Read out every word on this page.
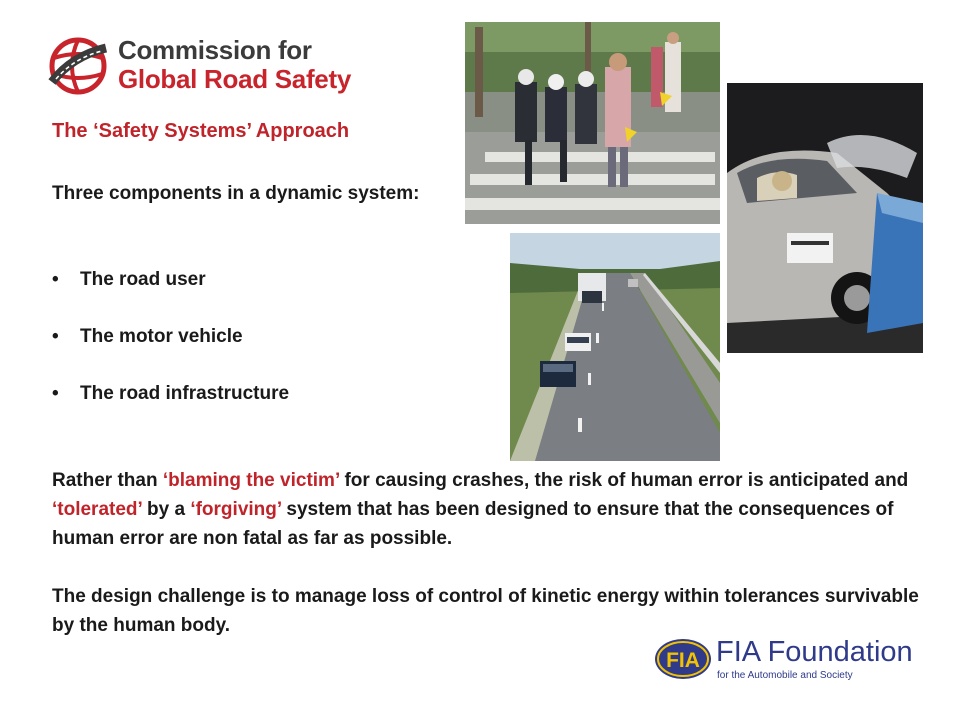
Commission for
Global Road Safety
The ‘Safety Systems’ Approach
Three components in a dynamic system:
• The road user
• The motor vehicle
• The road infrastructure
Rather than ‘blaming the victim’ for causing crashes, the risk of human error is anticipated and ‘tolerated’ by a ‘forgiving’ system that has been designed to ensure that the consequences of human error are non fatal as far as possible.
The design challenge is to manage loss of control of kinetic energy within tolerances survivable by the human body.
FIA FIA Foundation
for the Automobile and Society
